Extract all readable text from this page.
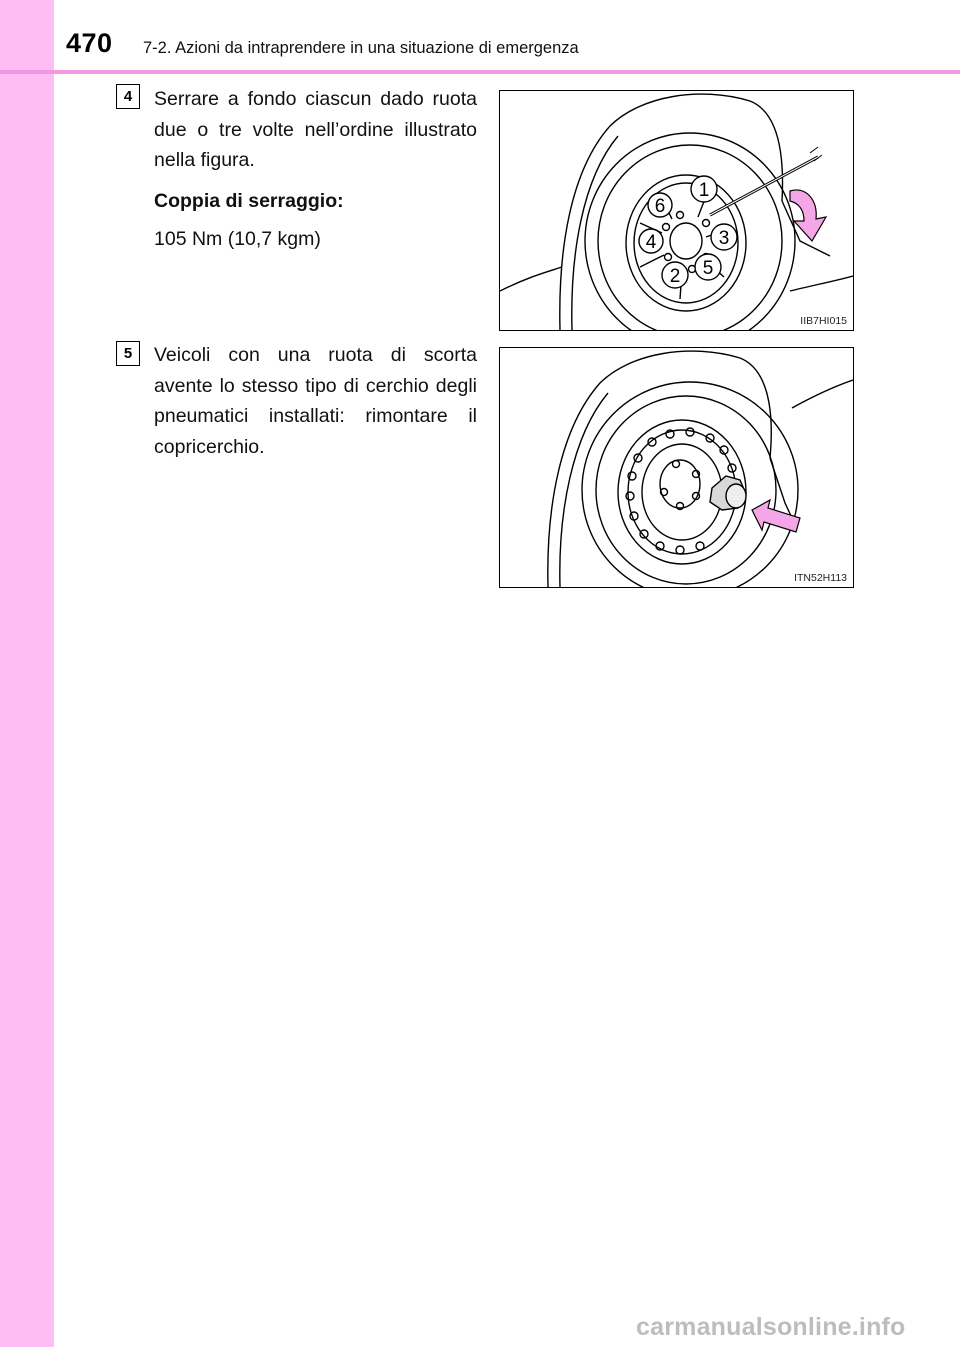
470 7-2. Azioni da intraprendere in una situazione di emergenza
4	Serrare a fondo ciascun dado ruota due o tre volte nell’ordine illustrato nella figura.

Coppia di serraggio:

105 Nm (10,7 kgm)

1
2
3
4
5
6
IIB7HI015
5	Veicoli con una ruota di scorta avente lo stesso tipo di cerchio degli pneumatici installati: rimontare il copricerchio.

ITN52H113
carmanualsonline.info
